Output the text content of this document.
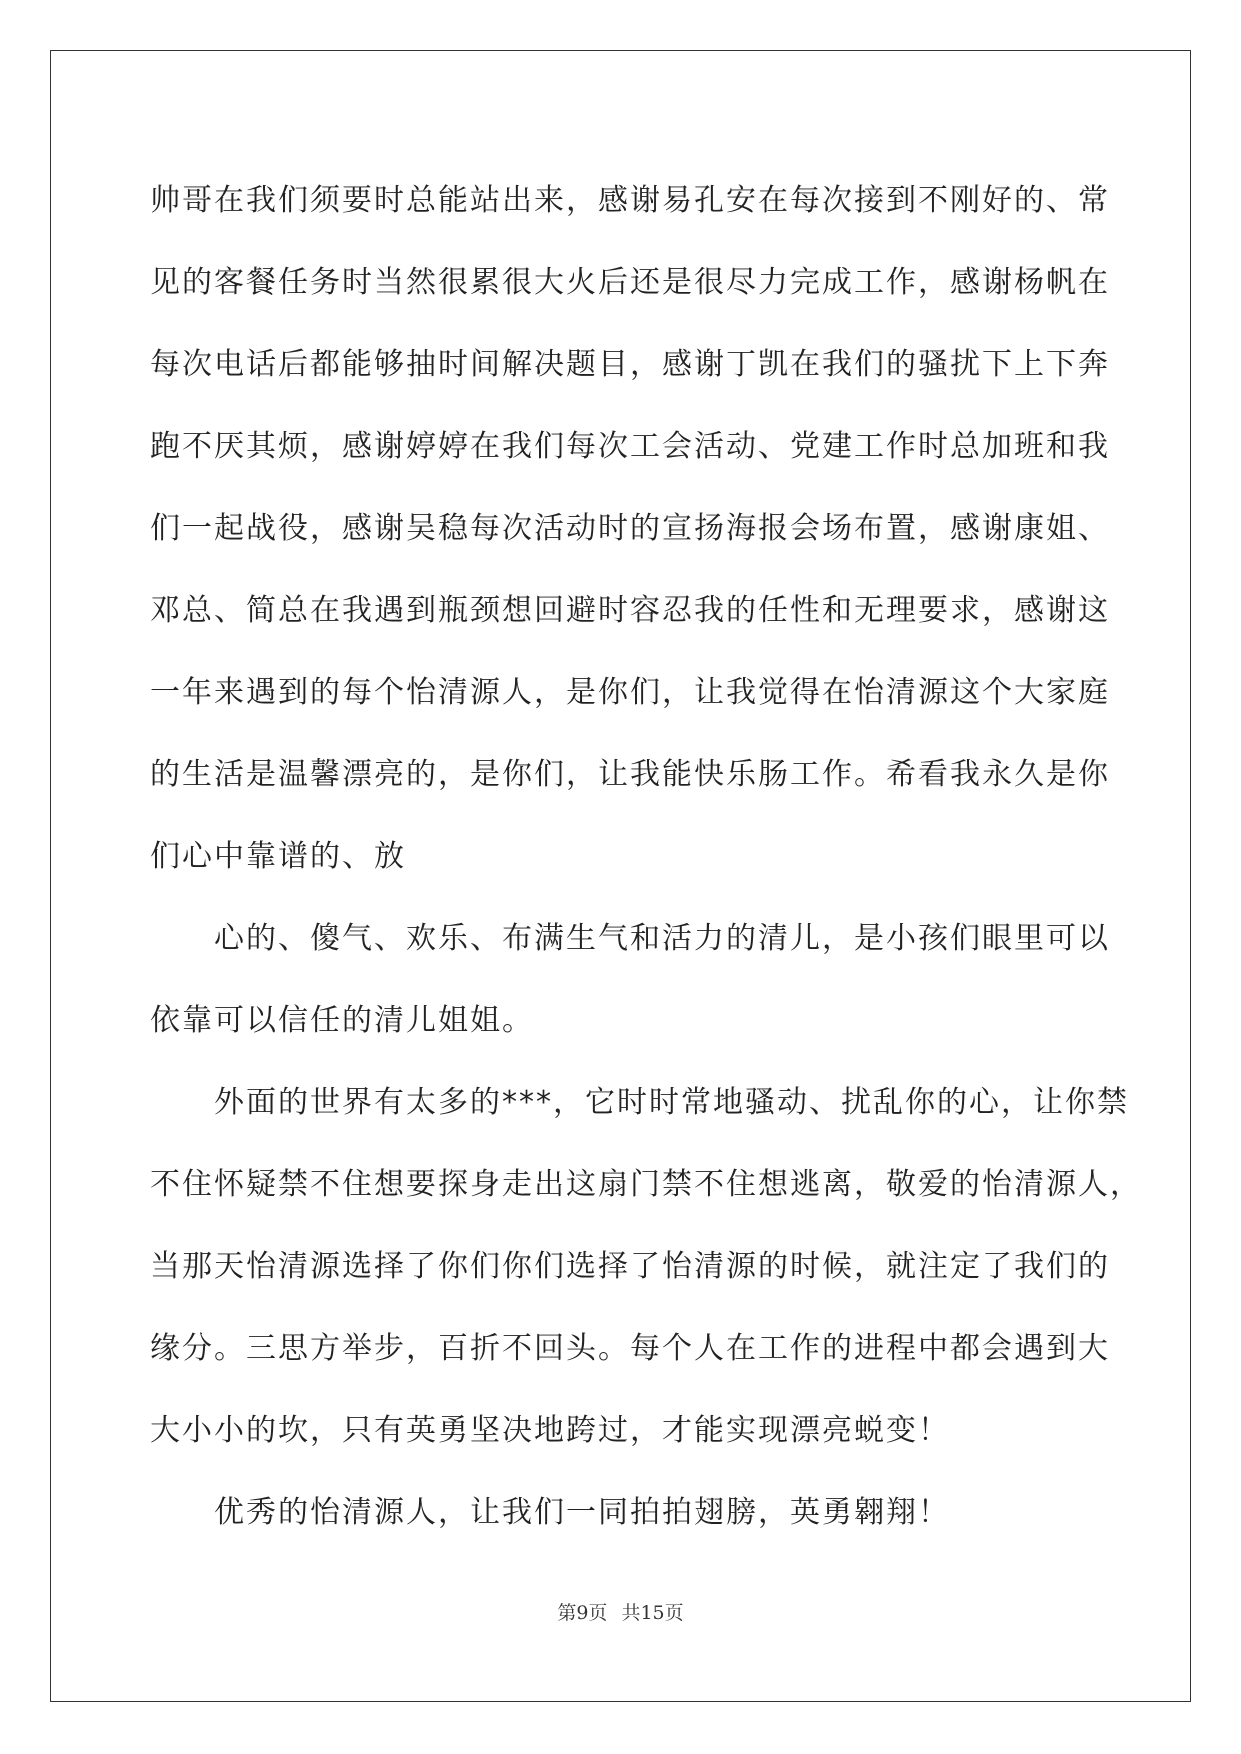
帅哥在我们须要时总能站出来，感谢易孔安在每次接到不刚好的、常
见的客餐任务时当然很累很大火后还是很尽力完成工作，感谢杨帆在
每次电话后都能够抽时间解决题目，感谢丁凯在我们的骚扰下上下奔
跑不厌其烦，感谢婷婷在我们每次工会活动、党建工作时总加班和我
们一起战役，感谢吴稳每次活动时的宣扬海报会场布置，感谢康姐、
邓总、简总在我遇到瓶颈想回避时容忍我的任性和无理要求，感谢这
一年来遇到的每个怡清源人，是你们，让我觉得在怡清源这个大家庭
的生活是温馨漂亮的，是你们，让我能快乐肠工作。希看我永久是你
们心中靠谱的、放

心的、傻气、欢乐、布满生气和活力的清儿，是小孩们眼里可以
依靠可以信任的清儿姐姐。

外面的世界有太多的***，它时时常地骚动、扰乱你的心，让你禁
不住怀疑禁不住想要探身走出这扇门禁不住想逃离，敬爱的怡清源人，
当那天怡清源选择了你们你们选择了怡清源的时候，就注定了我们的
缘分。三思方举步，百折不回头。每个人在工作的进程中都会遇到大
大小小的坎，只有英勇坚决地跨过，才能实现漂亮蜕变！

优秀的怡清源人，让我们一同拍拍翅膀，英勇翱翔！

第9页 共15页
